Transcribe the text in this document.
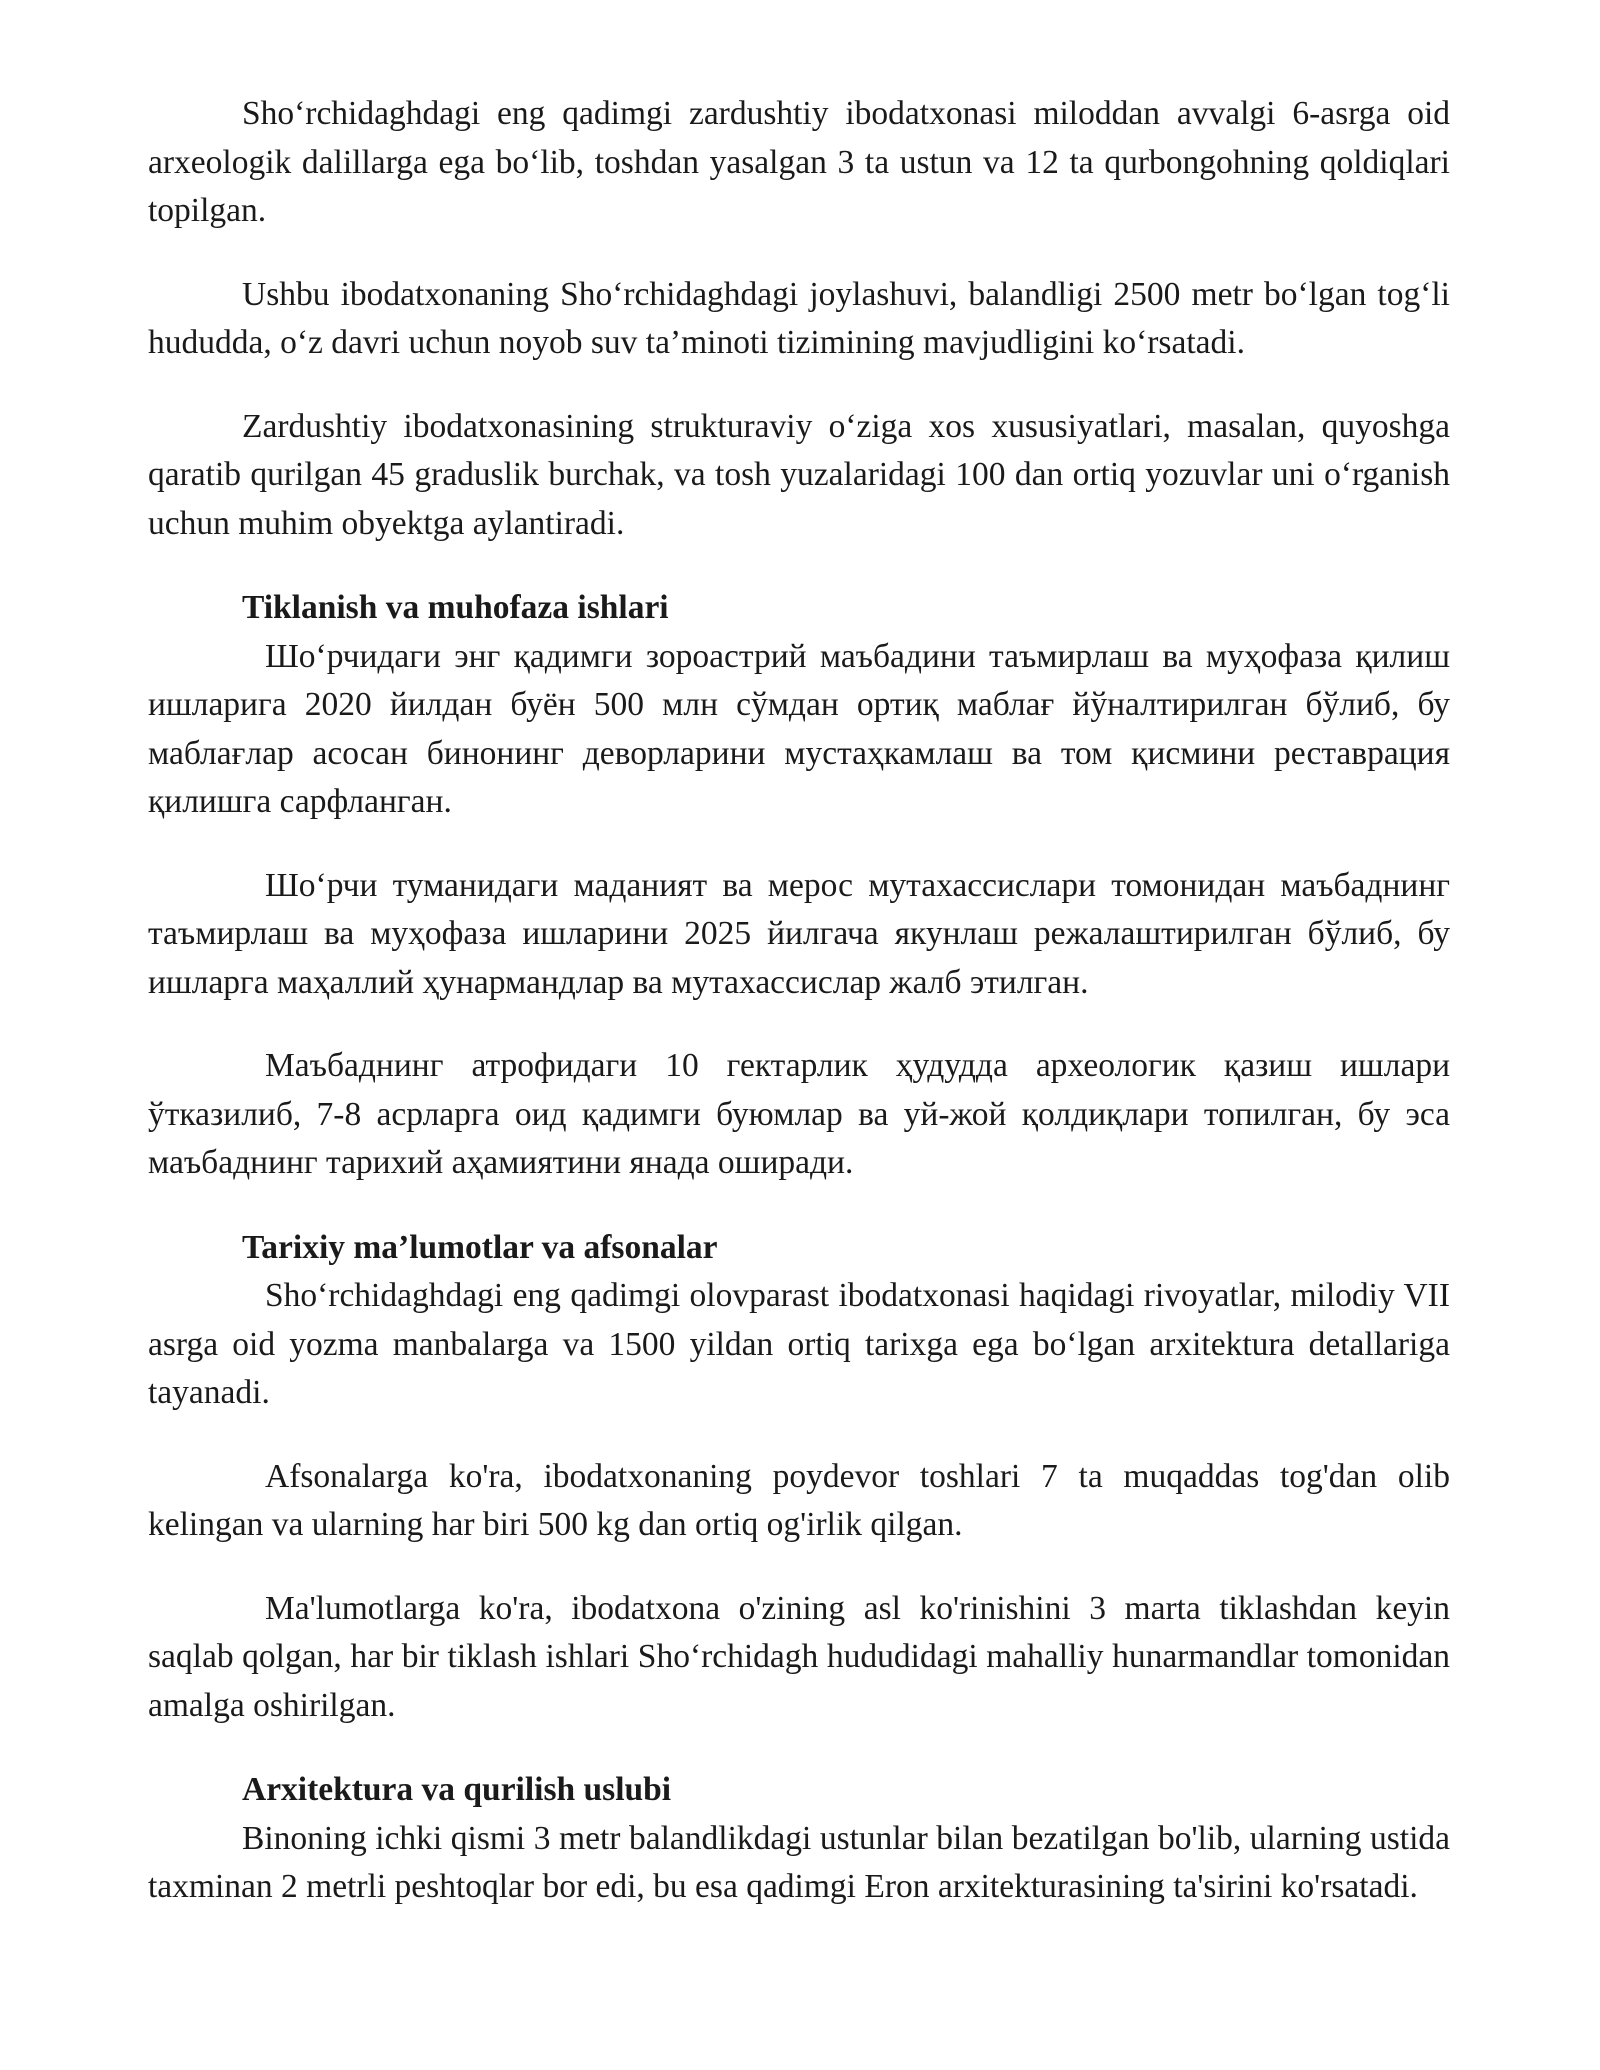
Sho‘rchidaghdagi eng qadimgi zardushtiy ibodatxonasi miloddan avvalgi 6-asrga oid arxeologik dalillarga ega bo‘lib, toshdan yasalgan 3 ta ustun va 12 ta qurbongohning qoldiqlari topilgan.

Ushbu ibodatxonaning Sho‘rchidaghdagi joylashuvi, balandligi 2500 metr bo‘lgan tog‘li hududda, o‘z davri uchun noyob suv ta’minoti tizimining mavjudligini ko‘rsatadi.

Zardushtiy ibodatxonasining strukturaviy o‘ziga xos xususiyatlari, masalan, quyoshga qaratib qurilgan 45 graduslik burchak, va tosh yuzalaridagi 100 dan ortiq yozuvlar uni o‘rganish uchun muhim obyektga aylantiradi.

Tiklanish va muhofaza ishlari

Шо‘рчидаги энг қадимги зороастрий маъбадини таъмирлаш ва муҳофаза қилиш ишларига 2020 йилдан буён 500 млн сўмдан ортиқ маблағ йўналтирилган бўлиб, бу маблағлар асосан бинонинг деворларини мустаҳкамлаш ва том қисмини реставрация қилишга сарфланган.

Шо‘рчи туманидаги маданият ва мерос мутахассислари томонидан маъбаднинг таъмирлаш ва муҳофаза ишларини 2025 йилгача якунлаш режалаштирилган бўлиб, бу ишларга маҳаллий ҳунармандлар ва мутахассислар жалб этилган.

Маъбаднинг атрофидаги 10 гектарлик ҳудудда археологик қазиш ишлари ўтказилиб, 7-8 асрларга оид қадимги буюмлар ва уй-жой қолдиқлари топилган, бу эса маъбаднинг тарихий аҳамиятини янада оширади.

Tarixiy ma’lumotlar va afsonalar

Sho‘rchidaghdagi eng qadimgi olovparast ibodatxonasi haqidagi rivoyatlar, milodiy VII asrga oid yozma manbalarga va 1500 yildan ortiq tarixga ega bo‘lgan arxitektura detallariga tayanadi.

Afsonalarga ko'ra, ibodatxonaning poydevor toshlari 7 ta muqaddas tog'dan olib kelingan va ularning har biri 500 kg dan ortiq og'irlik qilgan.

Ma'lumotlarga ko'ra, ibodatxona o'zining asl ko'rinishini 3 marta tiklashdan keyin saqlab qolgan, har bir tiklash ishlari Sho‘rchidagh hududidagi mahalliy hunarmandlar tomonidan amalga oshirilgan.

Arxitektura va qurilish uslubi

Binoning ichki qismi 3 metr balandlikdagi ustunlar bilan bezatilgan bo'lib, ularning ustida taxminan 2 metrli peshtoqlar bor edi, bu esa qadimgi Eron arxitekturasining ta'sirini ko'rsatadi.
